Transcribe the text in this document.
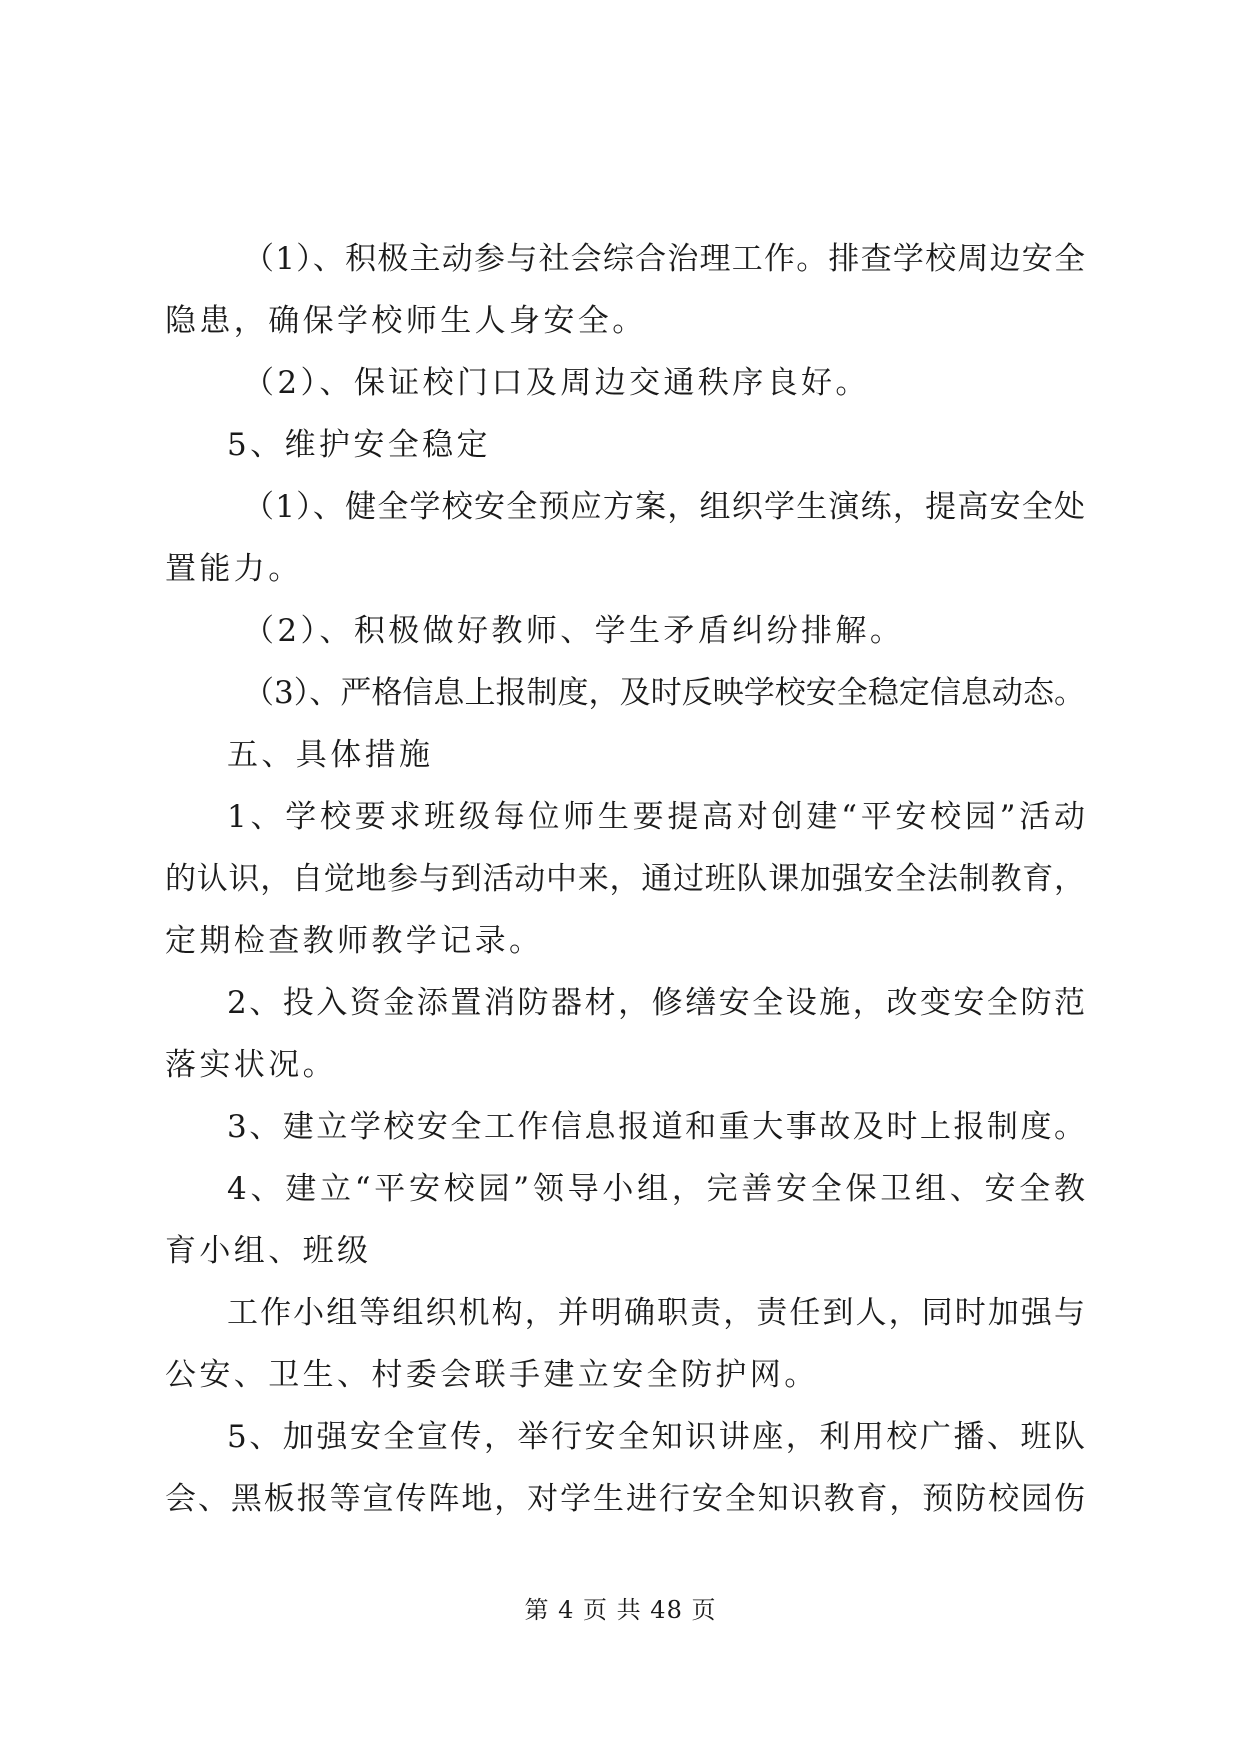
（1）、积极主动参与社会综合治理工作。排查学校周边安全
隐患，确保学校师生人身安全。
（2）、保证校门口及周边交通秩序良好。
5、维护安全稳定
（1）、健全学校安全预应方案，组织学生演练，提高安全处
置能力。
（2）、积极做好教师、学生矛盾纠纷排解。
（3）、严格信息上报制度，及时反映学校安全稳定信息动态。
五、具体措施
1、学校要求班级每位师生要提高对创建“平安校园”活动
的认识，自觉地参与到活动中来，通过班队课加强安全法制教育，
定期检查教师教学记录。
2、投入资金添置消防器材，修缮安全设施，改变安全防范
落实状况。
3、建立学校安全工作信息报道和重大事故及时上报制度。
4、建立“平安校园”领导小组，完善安全保卫组、安全教
育小组、班级
工作小组等组织机构，并明确职责，责任到人，同时加强与
公安、卫生、村委会联手建立安全防护网。
5、加强安全宣传，举行安全知识讲座，利用校广播、班队
会、黑板报等宣传阵地，对学生进行安全知识教育，预防校园伤
第 4 页 共 48 页
